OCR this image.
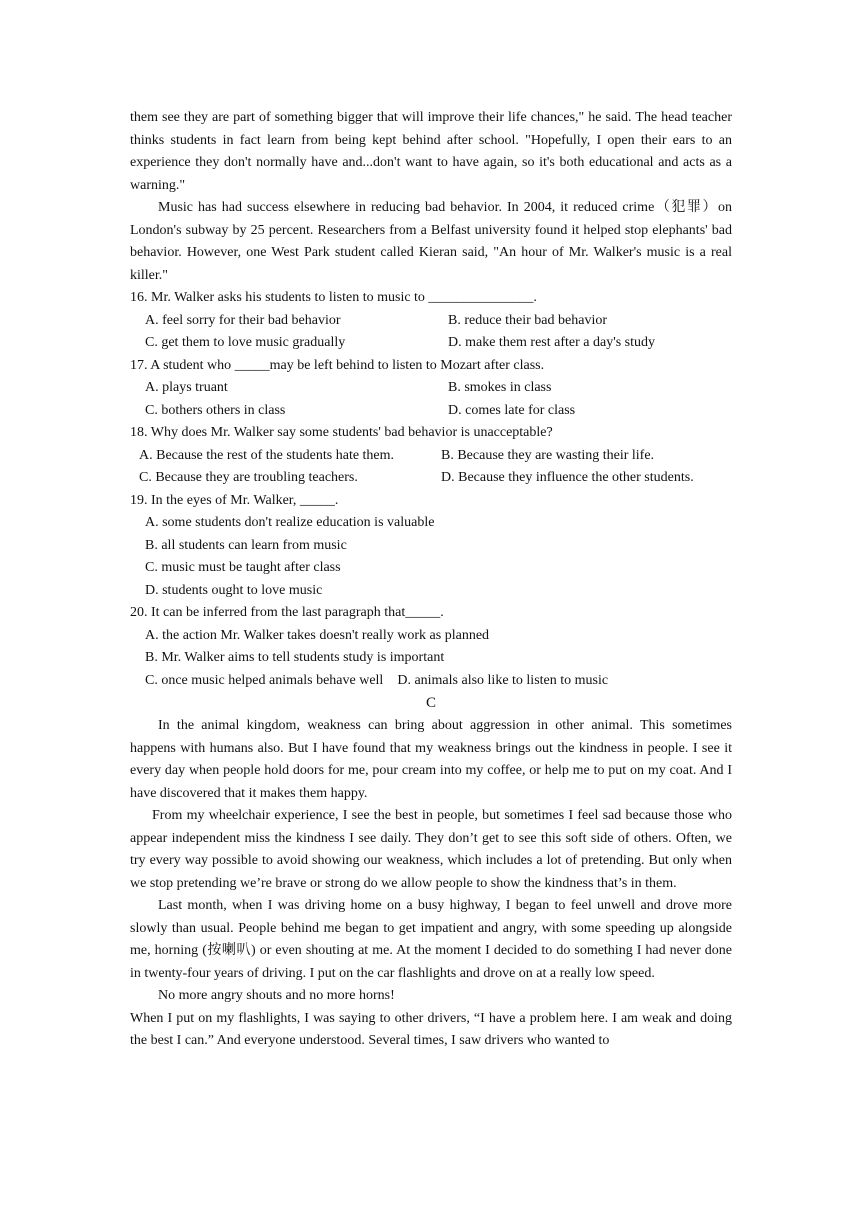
them see they are part of something bigger that will improve their life chances," he said. The head teacher thinks students in fact learn from being kept behind after school. "Hopefully, I open their ears to an experience they don't normally have and...don't want to have again, so it's both educational and acts as a warning."

Music has had success elsewhere in reducing bad behavior. In 2004, it reduced crime（犯罪）on London's subway by 25 percent. Researchers from a Belfast university found it helped stop elephants' bad behavior. However, one West Park student called Kieran said, "An hour of Mr. Walker's music is a real killer."

16. Mr. Walker asks his students to listen to music to _______________.

A. feel sorry for their bad behavior	B. reduce their bad behavior
C. get them to love music gradually	D. make them rest after a day's study

17. A student who _____may be left behind to listen to Mozart after class.

A. plays truant	B. smokes in class
C. bothers others in class	D. comes late for class

18. Why does Mr. Walker say some students' bad behavior is unacceptable?

A. Because the rest of the students hate them.	B. Because they are wasting their life.
C. Because they are troubling teachers.	D. Because they influence the other students.

19. In the eyes of Mr. Walker, _____.

A. some students don't realize education is valuable

B. all students can learn from music

C. music must be taught after class

D. students ought to love music

20. It can be inferred from the last paragraph that_____.

A. the action Mr. Walker takes doesn't really work as planned

B. Mr. Walker aims to tell students study is important

C. once music helped animals behave well D. animals also like to listen to music

C

In the animal kingdom, weakness can bring about aggression in other animal. This sometimes happens with humans also. But I have found that my weakness brings out the kindness in people. I see it every day when people hold doors for me, pour cream into my coffee, or help me to put on my coat. And I have discovered that it makes them happy.

From my wheelchair experience, I see the best in people, but sometimes I feel sad because those who appear independent miss the kindness I see daily. They don’t get to see this soft side of others. Often, we try every way possible to avoid showing our weakness, which includes a lot of pretending. But only when we stop pretending we’re brave or strong do we allow people to show the kindness that’s in them.

Last month, when I was driving home on a busy highway, I began to feel unwell and drove more slowly than usual. People behind me began to get impatient and angry, with some speeding up alongside me, horning (按喇叭) or even shouting at me. At the moment I decided to do something I had never done in twenty-four years of driving. I put on the car flashlights and drove on at a really low speed.

No more angry shouts and no more horns!

When I put on my flashlights, I was saying to other drivers, “I have a problem here. I am weak and doing the best I can.” And everyone understood. Several times, I saw drivers who wanted to
